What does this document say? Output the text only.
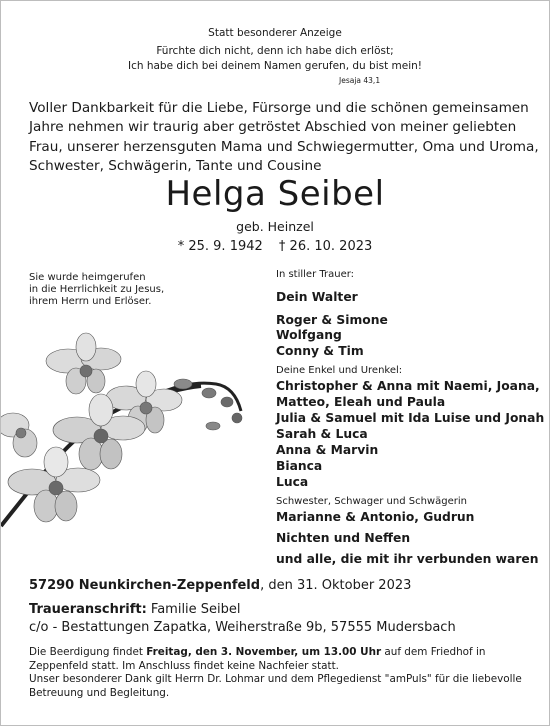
Statt besonderer Anzeige
Fürchte dich nicht, denn ich habe dich erlöst;
Ich habe dich bei deinem Namen gerufen, du bist mein!
Jesaja 43,1
Voller Dankbarkeit für die Liebe, Fürsorge und die schönen gemeinsamen
Jahre nehmen wir traurig aber getröstet Abschied von meiner geliebten
Frau, unserer herzensguten Mama und Schwiegermutter, Oma und Uroma,
Schwester, Schwägerin, Tante und Cousine
Helga Seibel
geb. Heinzel
* 25. 9. 1942 † 26. 10. 2023
Sie wurde heimgerufen
in die Herrlichkeit zu Jesus,
ihrem Herrn und Erlöser.
In stiller Trauer:
Dein Walter
Roger & Simone
Wolfgang
Conny & Tim
Deine Enkel und Urenkel:
Christopher & Anna mit Naemi, Joana,
Matteo, Eleah und Paula
Julia & Samuel mit Ida Luise und Jonah
Sarah & Luca
Anna & Marvin
Bianca
Luca
Schwester, Schwager und Schwägerin
Marianne & Antonio, Gudrun
Nichten und Neffen
und alle, die mit ihr verbunden waren
57290 Neunkirchen-Zeppenfeld, den 31. Oktober 2023
Traueranschrift: Familie Seibel
c/o - Bestattungen Zapatka, Weiherstraße 9b, 57555 Mudersbach
Die Beerdigung findet Freitag, den 3. November, um 13.00 Uhr auf dem Friedhof in
Zeppenfeld statt. Im Anschluss findet keine Nachfeier statt.
Unser besonderer Dank gilt Herrn Dr. Lohmar und dem Pflegedienst "amPuls" für die liebevolle
Betreuung und Begleitung.
